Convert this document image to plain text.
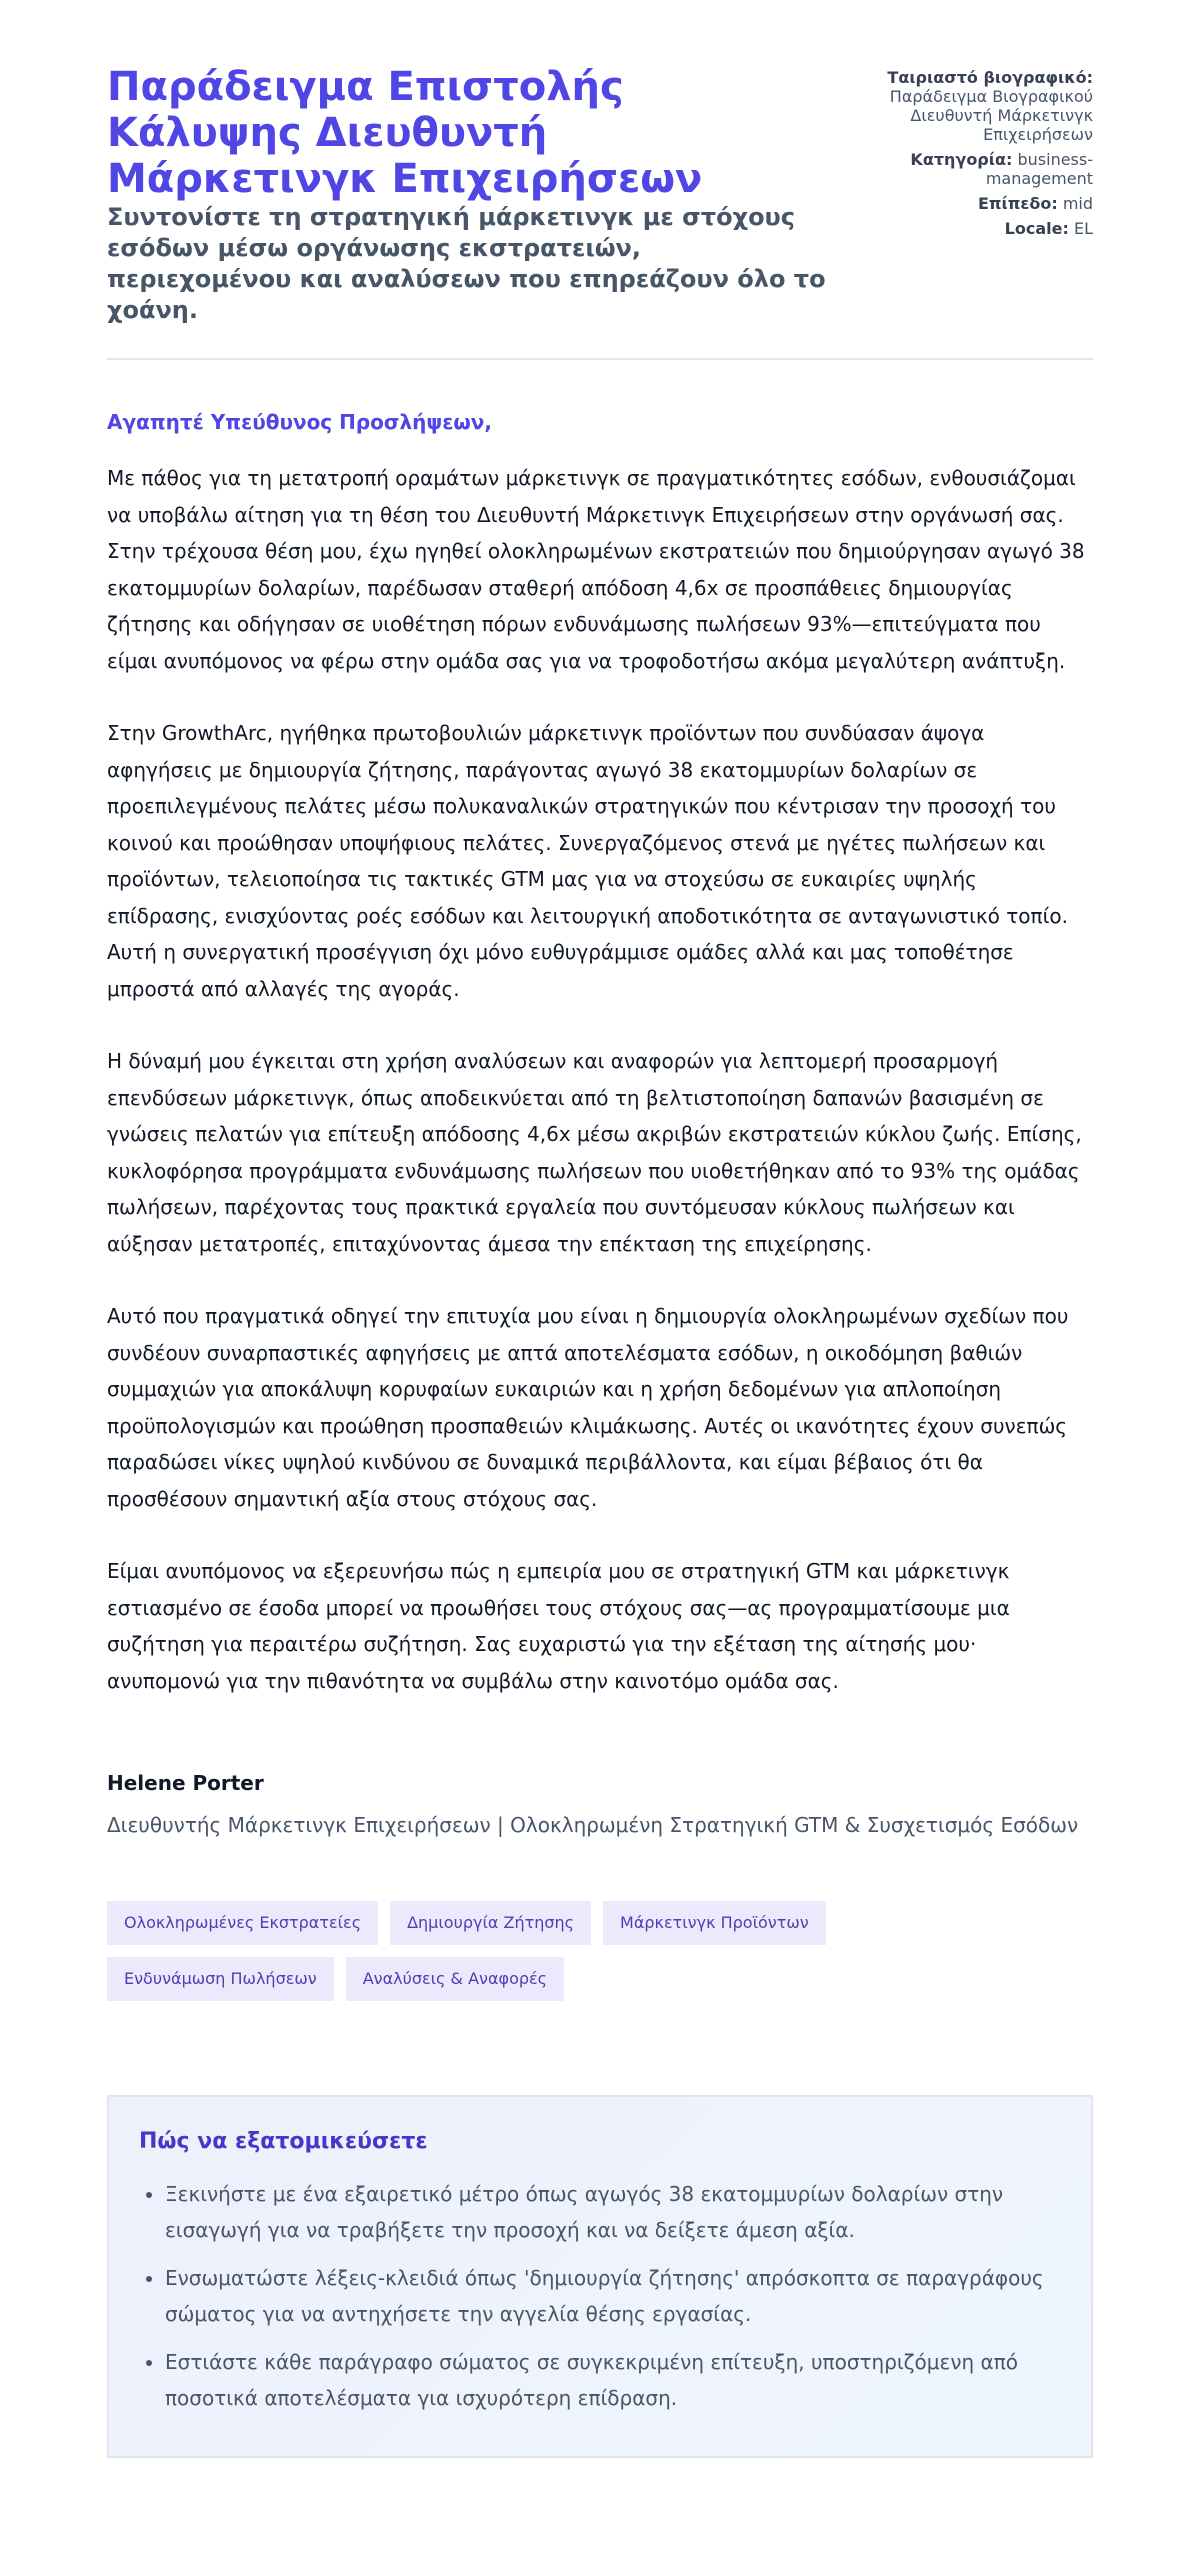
Παράδειγμα Επιστολής Κάλυψης Διευθυντή Μάρκετινγκ Επιχειρήσεων

Συντονίστε τη στρατηγική μάρκετινγκ με στόχους εσόδων μέσω οργάνωσης εκστρατειών, περιεχομένου και αναλύσεων που επηρεάζουν όλο το χοάνη.

Ταιριαστό βιογραφικό: Παράδειγμα Βιογραφικού Διευθυντή Μάρκετινγκ Επιχειρήσεων
Κατηγορία: business-management
Επίπεδο: mid
Locale: EL
Αγαπητέ Υπεύθυνος Προσλήψεων,

Με πάθος για τη μετατροπή οραμάτων μάρκετινγκ σε πραγματικότητες εσόδων, ενθουσιάζομαι να υποβάλω αίτηση για τη θέση του Διευθυντή Μάρκετινγκ Επιχειρήσεων στην οργάνωσή σας. Στην τρέχουσα θέση μου, έχω ηγηθεί ολοκληρωμένων εκστρατειών που δημιούργησαν αγωγό 38 εκατομμυρίων δολαρίων, παρέδωσαν σταθερή απόδοση 4,6x σε προσπάθειες δημιουργίας ζήτησης και οδήγησαν σε υιοθέτηση πόρων ενδυνάμωσης πωλήσεων 93%—επιτεύγματα που είμαι ανυπόμονος να φέρω στην ομάδα σας για να τροφοδοτήσω ακόμα μεγαλύτερη ανάπτυξη.

Στην GrowthArc, ηγήθηκα πρωτοβουλιών μάρκετινγκ προϊόντων που συνδύασαν άψογα αφηγήσεις με δημιουργία ζήτησης, παράγοντας αγωγό 38 εκατομμυρίων δολαρίων σε προεπιλεγμένους πελάτες μέσω πολυκαναλικών στρατηγικών που κέντρισαν την προσοχή του κοινού και προώθησαν υποψήφιους πελάτες. Συνεργαζόμενος στενά με ηγέτες πωλήσεων και προϊόντων, τελειοποίησα τις τακτικές GTM μας για να στοχεύσω σε ευκαιρίες υψηλής επίδρασης, ενισχύοντας ροές εσόδων και λειτουργική αποδοτικότητα σε ανταγωνιστικό τοπίο. Αυτή η συνεργατική προσέγγιση όχι μόνο ευθυγράμμισε ομάδες αλλά και μας τοποθέτησε μπροστά από αλλαγές της αγοράς.

Η δύναμή μου έγκειται στη χρήση αναλύσεων και αναφορών για λεπτομερή προσαρμογή επενδύσεων μάρκετινγκ, όπως αποδεικνύεται από τη βελτιστοποίηση δαπανών βασισμένη σε γνώσεις πελατών για επίτευξη απόδοσης 4,6x μέσω ακριβών εκστρατειών κύκλου ζωής. Επίσης, κυκλοφόρησα προγράμματα ενδυνάμωσης πωλήσεων που υιοθετήθηκαν από το 93% της ομάδας πωλήσεων, παρέχοντας τους πρακτικά εργαλεία που συντόμευσαν κύκλους πωλήσεων και αύξησαν μετατροπές, επιταχύνοντας άμεσα την επέκταση της επιχείρησης.

Αυτό που πραγματικά οδηγεί την επιτυχία μου είναι η δημιουργία ολοκληρωμένων σχεδίων που συνδέουν συναρπαστικές αφηγήσεις με απτά αποτελέσματα εσόδων, η οικοδόμηση βαθιών συμμαχιών για αποκάλυψη κορυφαίων ευκαιριών και η χρήση δεδομένων για απλοποίηση προϋπολογισμών και προώθηση προσπαθειών κλιμάκωσης. Αυτές οι ικανότητες έχουν συνεπώς παραδώσει νίκες υψηλού κινδύνου σε δυναμικά περιβάλλοντα, και είμαι βέβαιος ότι θα προσθέσουν σημαντική αξία στους στόχους σας.

Είμαι ανυπόμονος να εξερευνήσω πώς η εμπειρία μου σε στρατηγική GTM και μάρκετινγκ εστιασμένο σε έσοδα μπορεί να προωθήσει τους στόχους σας—ας προγραμματίσουμε μια συζήτηση για περαιτέρω συζήτηση. Σας ευχαριστώ για την εξέταση της αίτησής μου· ανυπομονώ για την πιθανότητα να συμβάλω στην καινοτόμο ομάδα σας.

Helene Porter
Διευθυντής Μάρκετινγκ Επιχειρήσεων | Ολοκληρωμένη Στρατηγική GTM & Συσχετισμός Εσόδων
Ολοκληρωμένες Εκστρατείες	Δημιουργία Ζήτησης	Μάρκετινγκ Προϊόντων
Ενδυνάμωση Πωλήσεων	Αναλύσεις & Αναφορές
Πώς να εξατομικεύσετε
• Ξεκινήστε με ένα εξαιρετικό μέτρο όπως αγωγός 38 εκατομμυρίων δολαρίων στην εισαγωγή για να τραβήξετε την προσοχή και να δείξετε άμεση αξία.
• Ενσωματώστε λέξεις-κλειδιά όπως 'δημιουργία ζήτησης' απρόσκοπτα σε παραγράφους σώματος για να αντηχήσετε την αγγελία θέσης εργασίας.
• Εστιάστε κάθε παράγραφο σώματος σε συγκεκριμένη επίτευξη, υποστηριζόμενη από ποσοτικά αποτελέσματα για ισχυρότερη επίδραση.
